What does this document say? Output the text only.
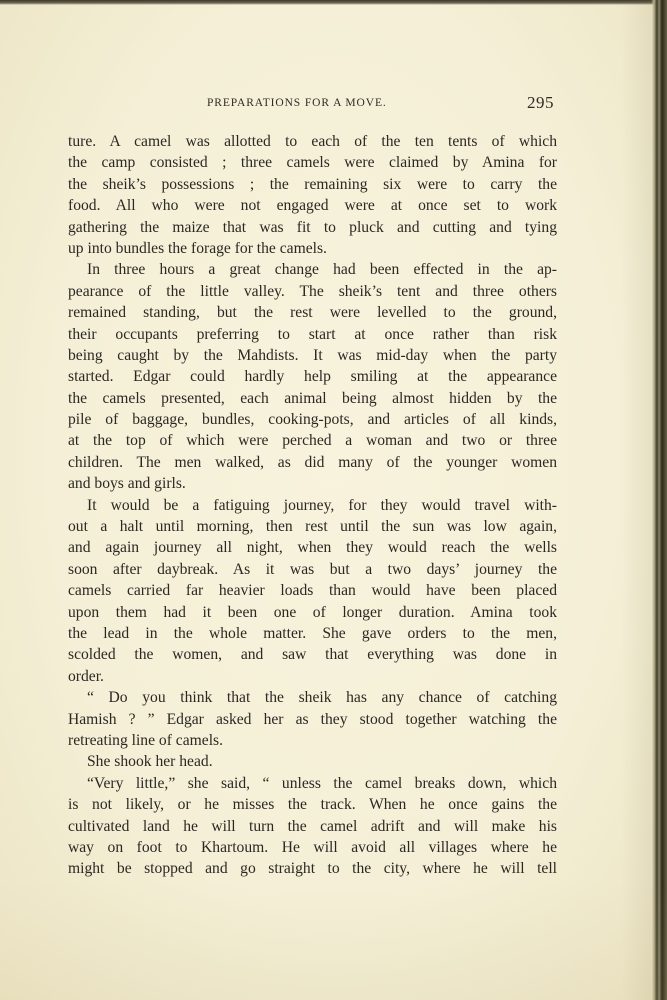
PREPARATIONS FOR A MOVE.	295
ture. A camel was allotted to each of the ten tents of which
the camp consisted ; three camels were claimed by Amina for
the sheik’s possessions ; the remaining six were to carry the
food. All who were not engaged were at once set to work
gathering the maize that was fit to pluck and cutting and tying
up into bundles the forage for the camels.
In three hours a great change had been effected in the ap-
pearance of the little valley. The sheik’s tent and three others
remained standing, but the rest were levelled to the ground,
their occupants preferring to start at once rather than risk
being caught by the Mahdists. It was mid-day when the party
started. Edgar could hardly help smiling at the appearance
the camels presented, each animal being almost hidden by the
pile of baggage, bundles, cooking-pots, and articles of all kinds,
at the top of which were perched a woman and two or three
children. The men walked, as did many of the younger women
and boys and girls.
It would be a fatiguing journey, for they would travel with-
out a halt until morning, then rest until the sun was low again,
and again journey all night, when they would reach the wells
soon after daybreak. As it was but a two days’ journey the
camels carried far heavier loads than would have been placed
upon them had it been one of longer duration. Amina took
the lead in the whole matter. She gave orders to the men,
scolded the women, and saw that everything was done in
order.
“ Do you think that the sheik has any chance of catching
Hamish ? ” Edgar asked her as they stood together watching the
retreating line of camels.
She shook her head.
“Very little,” she said, “ unless the camel breaks down, which
is not likely, or he misses the track. When he once gains the
cultivated land he will turn the camel adrift and will make his
way on foot to Khartoum. He will avoid all villages where he
might be stopped and go straight to the city, where he will tell
